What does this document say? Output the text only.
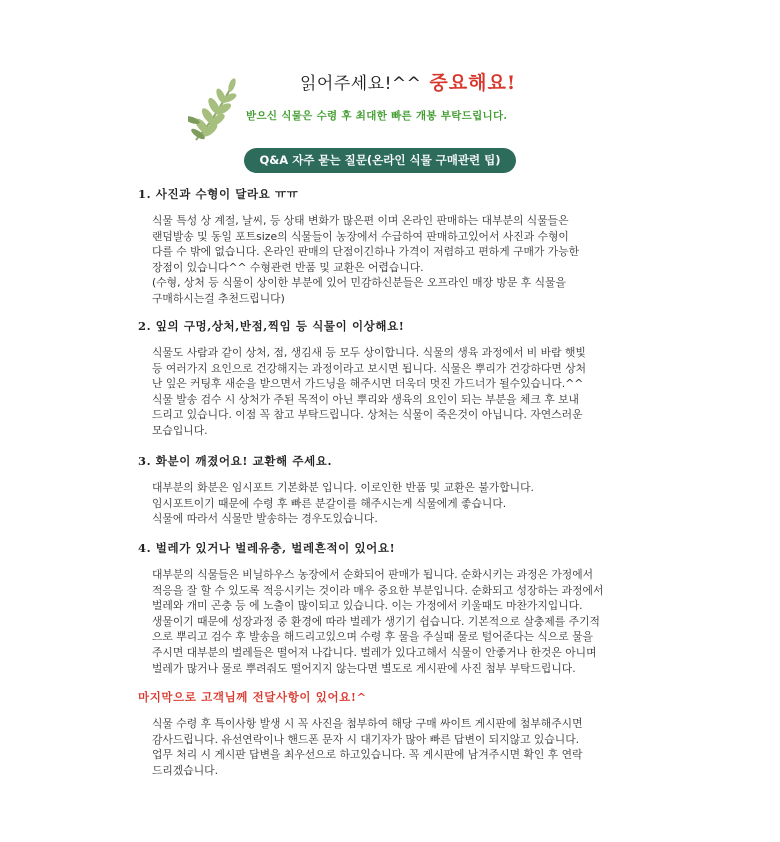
읽어주세요!^^ 중요해요!
받으신 식물은 수령 후 최대한 빠른 개봉 부탁드립니다.
Q&A 자주 묻는 질문(온라인 식물 구매관련 팁)
1. 사진과 수형이 달라요 ㅠㅠ
식물 특성 상 계절, 날씨, 등 상태 변화가 많은편 이며 온라인 판매하는 대부분의 식물들은
랜덤발송 및 동일 포트size의 식물들이 농장에서 수급하여 판매하고있어서 사진과 수형이
다를 수 밖에 없습니다. 온라인 판매의 단점이긴하나 가격이 저렴하고 편하게 구매가 가능한
장점이 있습니다^^ 수형관련 반품 및 교환은 어렵습니다.
(수형, 상처 등 식물이 상이한 부분에 있어 민감하신분들은 오프라인 매장 방문 후 식물을
구매하시는걸 추천드립니다)
2. 잎의 구멍,상처,반점,찍임 등 식물이 이상해요!
식물도 사람과 같이 상처, 점, 생김새 등 모두 상이합니다. 식물의 생육 과정에서 비 바람 햇빛
등 여러가지 요인으로 건강해지는 과정이라고 보시면 됩니다. 식물은 뿌리가 건강하다면 상처
난 잎은 커팅후 새순을 받으면서 가드닝을 해주시면 더욱더 멋진 가드너가 될수있습니다.^^
식물 발송 검수 시 상처가 주된 목적이 아닌 뿌리와 생육의 요인이 되는 부분을 체크 후 보내
드리고 있습니다. 이점 꼭 참고 부탁드립니다. 상처는 식물이 죽은것이 아닙니다. 자연스러운
모습입니다.
3. 화분이 깨졌어요! 교환해 주세요.
대부분의 화분은 임시포트 기본화분 입니다. 이로인한 반품 및 교환은 불가합니다.
임시포트이기 때문에 수령 후 빠른 분갈이를 해주시는게 식물에게 좋습니다.
식물에 따라서 식물만 발송하는 경우도있습니다.
4. 벌레가 있거나 벌레유충, 벌레흔적이 있어요!
대부분의 식물들은 비닐하우스 농장에서 순화되어 판매가 됩니다. 순화시키는 과정은 가정에서
적응을 잘 할 수 있도록 적응시키는 것이라 매우 중요한 부분입니다. 순화되고 성장하는 과정에서
벌레와 개미 곤충 등 에 노출이 많이되고 있습니다. 이는 가정에서 키울때도 마찬가지입니다.
생물이기 때문에 성장과정 중 환경에 따라 벌레가 생기기 쉽습니다. 기본적으로 살충제를 주기적
으로 뿌리고 검수 후 발송을 해드리고있으며 수령 후 물을 주실때 물로 털어준다는 식으로 물을
주시면 대부분의 벌레들은 떨어져 나갑니다. 벌레가 있다고해서 식물이 안좋거나 한것은 아니며
벌레가 많거나 물로 뿌려줘도 떨어지지 않는다면 별도로 게시판에 사진 첨부 부탁드립니다.
마지막으로 고객님께 전달사항이 있어요!^
식물 수령 후 특이사항 발생 시 꼭 사진을 첨부하여 해당 구매 싸이트 게시판에 첨부해주시면
감사드립니다. 유선연락이나 핸드폰 문자 시 대기자가 많아 빠른 답변이 되지않고 있습니다.
업무 처리 시 게시판 답변을 최우선으로 하고있습니다. 꼭 게시판에 남겨주시면 확인 후 연락
드리겠습니다.
